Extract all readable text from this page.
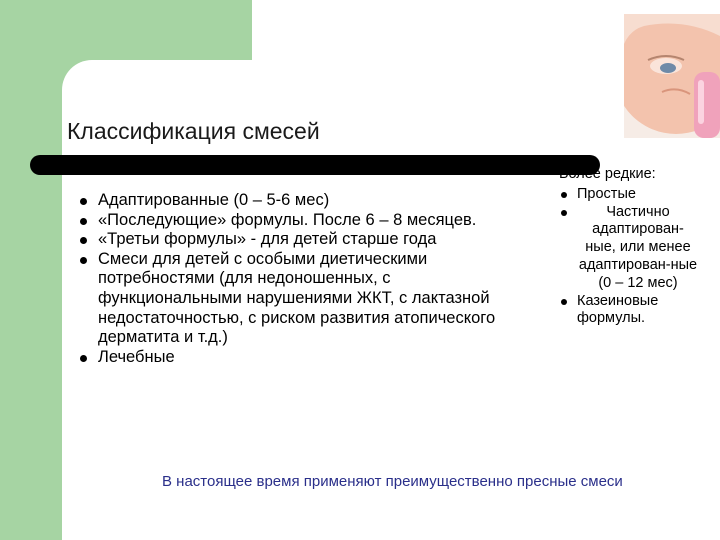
Классификация смесей
Адаптированные (0 – 5-6 мес)
«Последующие» формулы. После 6 – 8 месяцев.
«Третьи формулы» - для детей старше года
Смеси для детей с особыми диетическими потребностями (для недоношенных, с функциональными нарушениями ЖКТ, с лактазной недостаточностью, с риском развития атопического дерматита и т.д.)
Лечебные

Более редкие:

Простые
Частично адаптирован-ные, или менее адаптирован-ные (0 – 12 мес)
Казеиновые формулы.
В настоящее время применяют преимущественно пресные смеси
